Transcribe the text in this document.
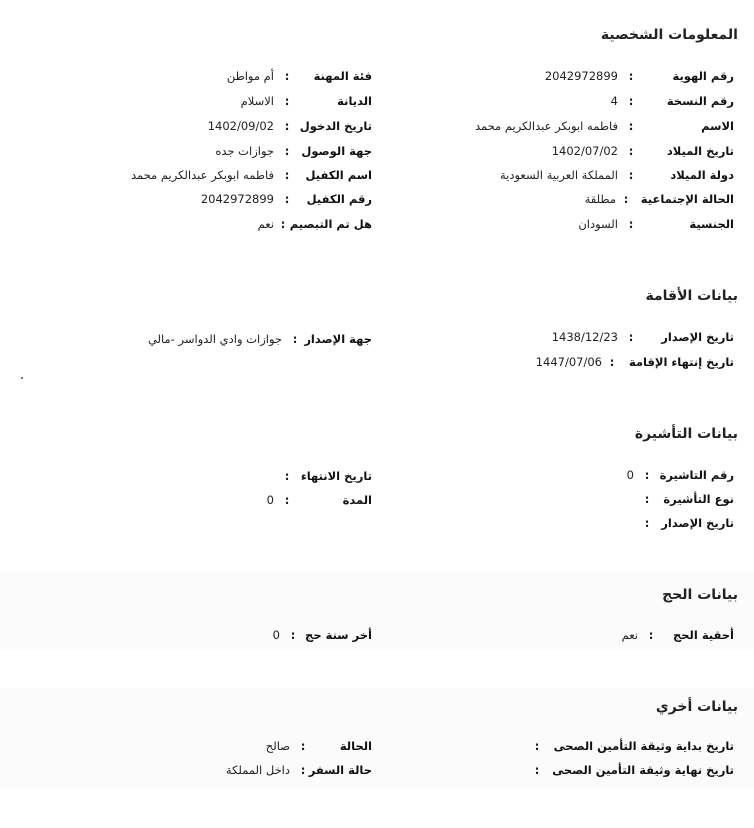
المعلومات الشخصية
رقم الهوية
:
2042972899
رقم النسخة
:
4
الاسم
:
فاطمه ابوبكر عبدالكريم محمد
تاريخ الميلاد
:
1402/07/02
دولة الميلاد
:
المملكة العربية السعودية
الحالة الإجتماعية
:
مطلقة
الجنسية
:
السودان
فئة المهنة
:
أم مواطن
الديانة
:
الاسلام
تاريخ الدخول
:
1402/09/02
جهة الوصول
:
جوازات جده
اسم الكفيل
:
فاطمه ابوبكر عبدالكريم محمد
رقم الكفيل
:
2042972899
هل تم التبصيم
:
نعم
بيانات الأقامة
تاريخ الإصدار
:
1438/12/23
تاريخ إنتهاء الإقامة
:
1447/07/06
جهة الإصدار
:
جوازات وادي الدواسر -مالي
بيانات التأشيرة
رقم التاشيرة
:
0
نوع التأشيرة
:
تاريخ الإصدار
:
تاريخ الانتهاء
:
المدة
:
0
بيانات الحج
أحقية الحج
:
نعم
أخر سنة حج
:
0
بيانات أخري
تاريخ بداية وثيقة التأمين الصحى
:
تاريخ نهاية وثيقة التأمين الصحى
:
الحالة
:
صالح
حالة السفر
:
داخل المملكة
